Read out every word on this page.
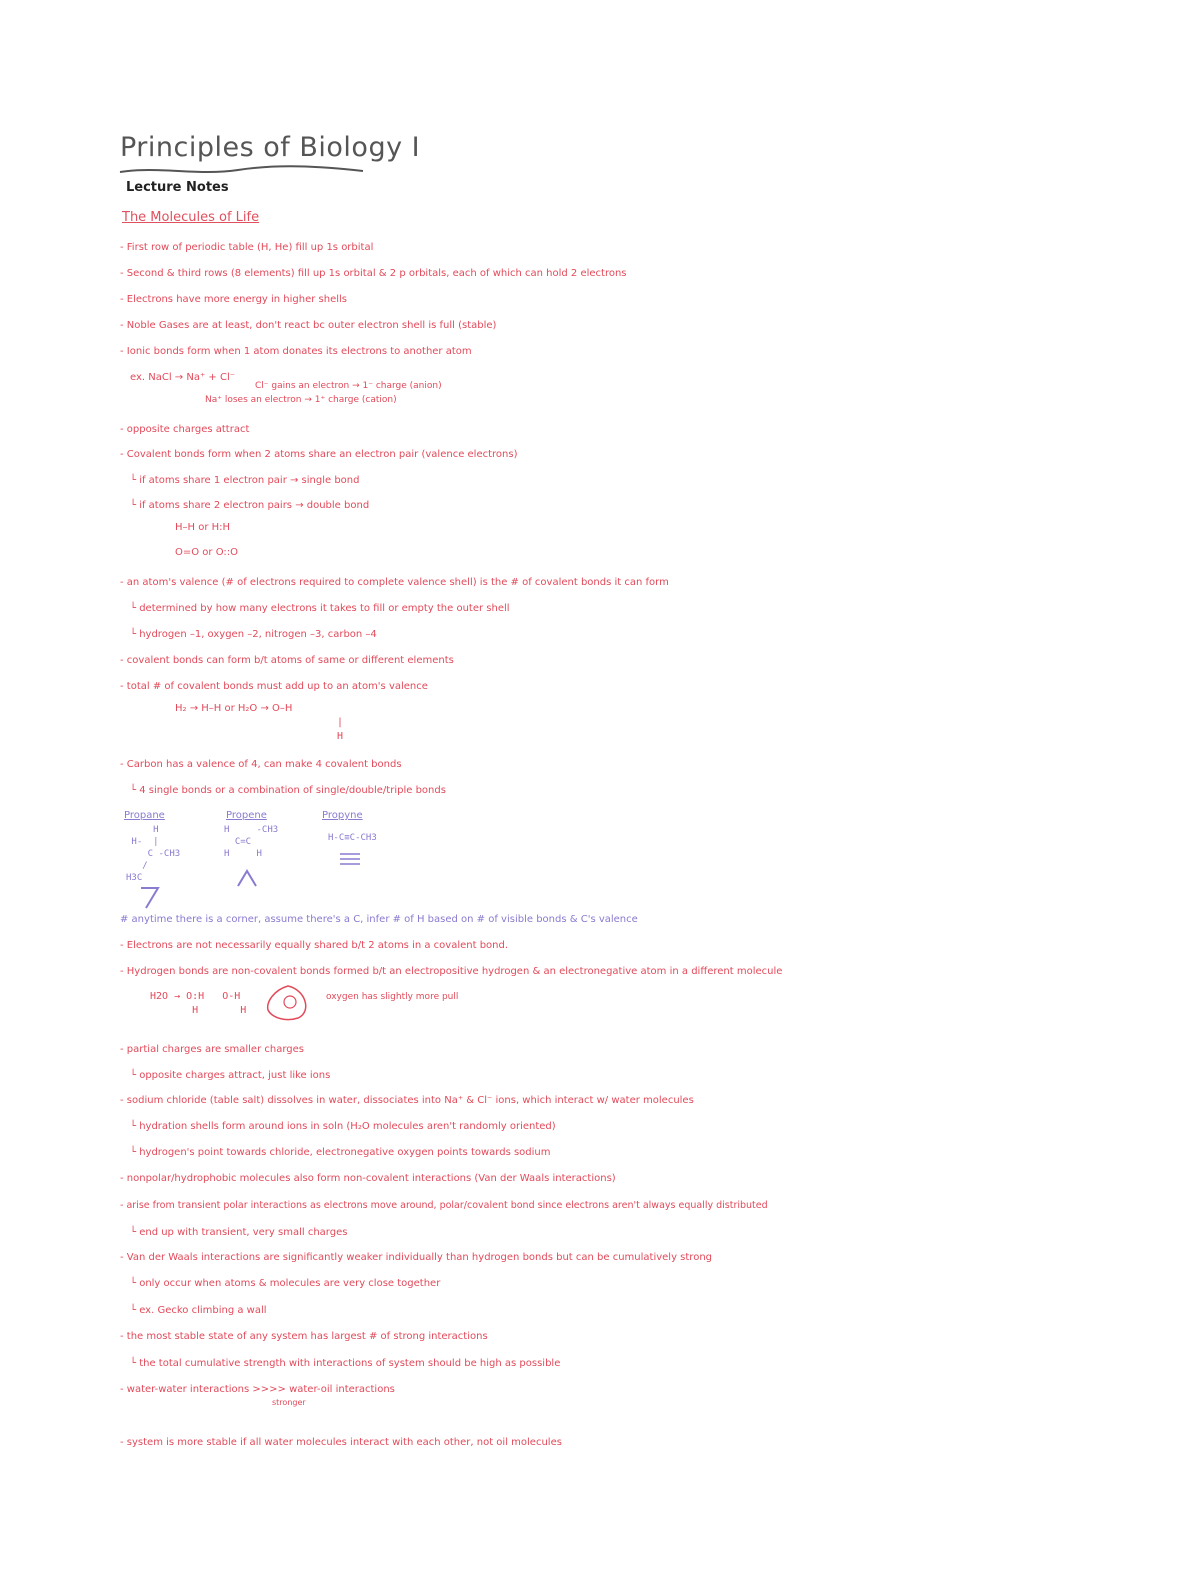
Principles of Biology I
Lecture Notes
The Molecules of Life
- First row of periodic table (H, He) fill up 1s orbital
- Second & third rows (8 elements) fill up 1s orbital & 2 p orbitals, each of which can hold 2 electrons
- Electrons have more energy in higher shells
- Noble Gases are at least, don't react bc outer electron shell is full (stable)
- Ionic bonds form when 1 atom donates its electrons to another atom
ex. NaCl → Na⁺ + Cl⁻
Cl⁻ gains an electron → 1⁻ charge (anion)
Na⁺ loses an electron → 1⁺ charge (cation)
- opposite charges attract
- Covalent bonds form when 2 atoms share an electron pair (valence electrons)
└ if atoms share 1 electron pair → single bond
└ if atoms share 2 electron pairs → double bond
H–H or H:H
O=O or O::O
- an atom's valence (# of electrons required to complete valence shell) is the # of covalent bonds it can form
└ determined by how many electrons it takes to fill or empty the outer shell
└ hydrogen –1, oxygen –2, nitrogen –3, carbon –4
- covalent bonds can form b/t atoms of same or different elements
- total # of covalent bonds must add up to an atom's valence
H₂ → H–H or H₂O → O–H
|
H
- Carbon has a valence of 4, can make 4 covalent bonds
└ 4 single bonds or a combination of single/double/triple bonds
Propane
H
H-  |
C -CH3
/
H3C
Propene
H     -CH3
C=C
H     H
Propyne
H-C≡C-CH3
# anytime there is a corner, assume there's a C, infer # of H based on # of visible bonds & C's valence
- Electrons are not necessarily equally shared b/t 2 atoms in a covalent bond.
- Hydrogen bonds are non-covalent bonds formed b/t an electropositive hydrogen & an electronegative atom in a different molecule
H2O → O:H   O-H
H       H
oxygen has slightly more pull
- partial charges are smaller charges
└ opposite charges attract, just like ions
- sodium chloride (table salt) dissolves in water, dissociates into Na⁺ & Cl⁻ ions, which interact w/ water molecules
└ hydration shells form around ions in soln (H₂O molecules aren't randomly oriented)
└ hydrogen's point towards chloride, electronegative oxygen points towards sodium
- nonpolar/hydrophobic molecules also form non-covalent interactions (Van der Waals interactions)
- arise from transient polar interactions as electrons move around, polar/covalent bond since electrons aren't always equally distributed
└ end up with transient, very small charges
- Van der Waals interactions are significantly weaker individually than hydrogen bonds but can be cumulatively strong
└ only occur when atoms & molecules are very close together
└ ex. Gecko climbing a wall
- the most stable state of any system has largest # of strong interactions
└ the total cumulative strength with interactions of system should be high as possible
- water-water interactions >>>> water-oil interactions
stronger
- system is more stable if all water molecules interact with each other, not oil molecules
